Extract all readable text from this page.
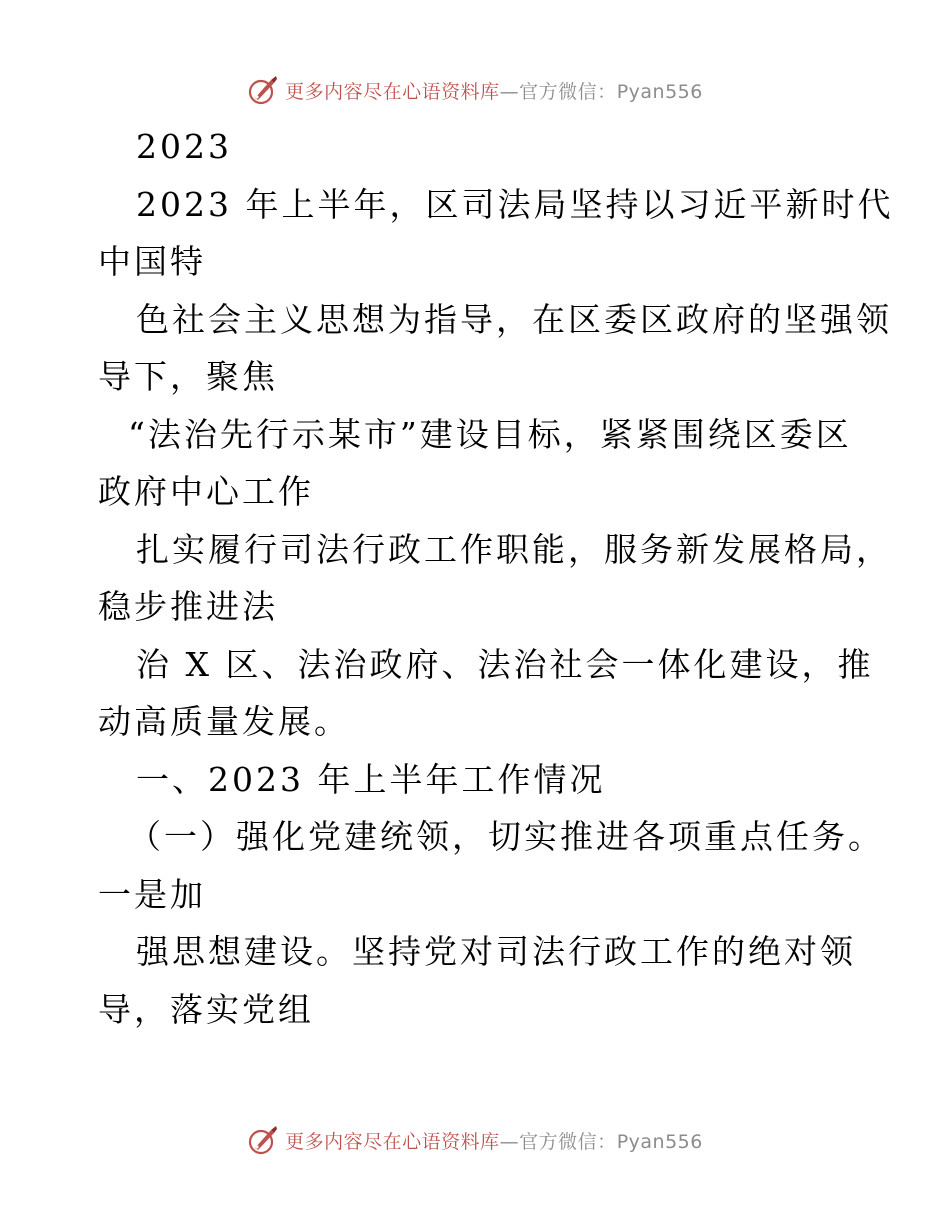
更多内容尽在心语资料库—官方微信：Pyan556
2023
2023 年上半年，区司法局坚持以习近平新时代
中国特
色社会主义思想为指导，在区委区政府的坚强领
导下，聚焦
“法治先行示某市”建设目标，紧紧围绕区委区
政府中心工作
扎实履行司法行政工作职能，服务新发展格局，
稳步推进法
治 X 区、法治政府、法治社会一体化建设，推
动高质量发展。
一、2023 年上半年工作情况
（一）强化党建统领，切实推进各项重点任务。
一是加
强思想建设。坚持党对司法行政工作的绝对领
导，落实党组
更多内容尽在心语资料库—官方微信：Pyan556
